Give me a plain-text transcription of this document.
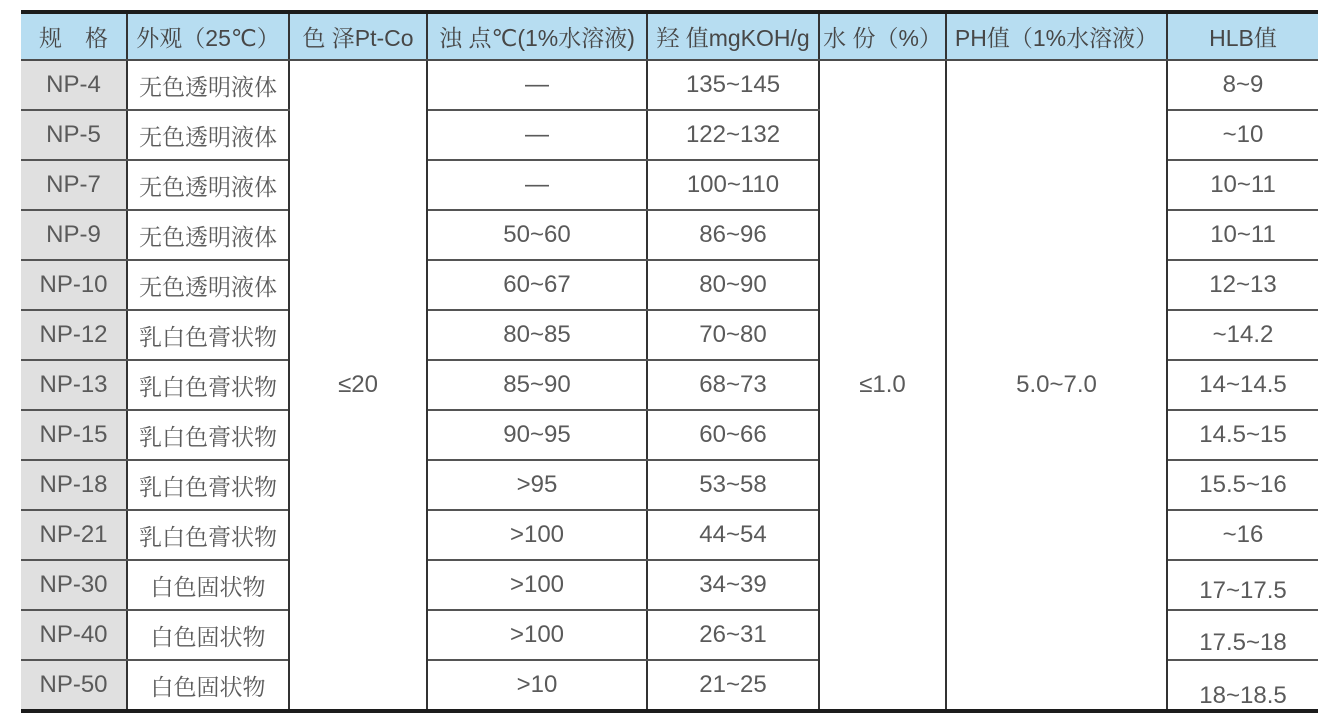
规　格	外观（25℃）	色 泽Pt-Co	浊 点℃(1%水溶液)	羟 值mgKOH/g	水 份（%）	PH值（1%水溶液）	HLB值
NP-4	无色透明液体	≤20	—	135~145	≤1.0	5.0~7.0	8~9
NP-5	无色透明液体		—	122~132			~10
NP-7	无色透明液体		—	100~110			10~11
NP-9	无色透明液体		50~60	86~96			10~11
NP-10	无色透明液体		60~67	80~90			12~13
NP-12	乳白色膏状物		80~85	70~80			~14.2
NP-13	乳白色膏状物		85~90	68~73			14~14.5
NP-15	乳白色膏状物		90~95	60~66			14.5~15
NP-18	乳白色膏状物		>95	53~58			15.5~16
NP-21	乳白色膏状物		>100	44~54			~16
NP-30	白色固状物		>100	34~39			17~17.5
NP-40	白色固状物		>100	26~31			17.5~18
NP-50	白色固状物		>10	21~25			18~18.5
